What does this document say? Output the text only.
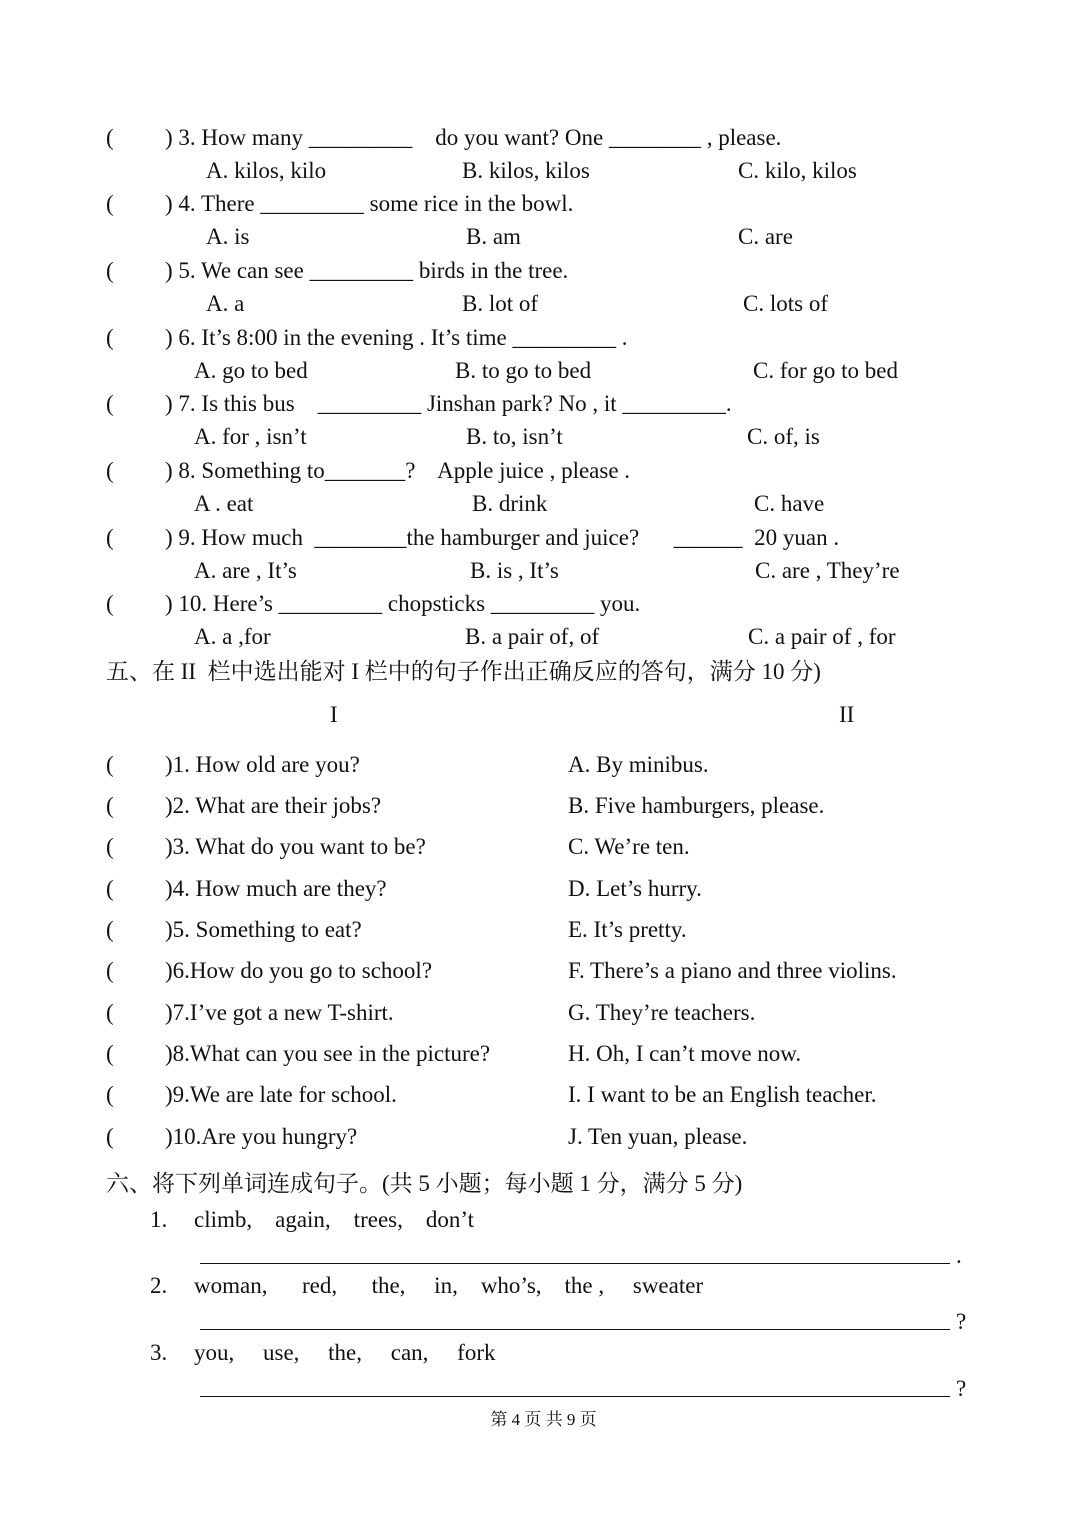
( ) 3. How many _________    do you want? One ________ , please.
A. kilos, kilo	B. kilos, kilos	C. kilo, kilos
( ) 4. There _________ some rice in the bowl.
A. is	B. am	C. are
( ) 5. We can see _________ birds in the tree.
A. a	B. lot of	C. lots of
( ) 6. It’s 8:00 in the evening . It’s time _________ .
A. go to bed	B. to go to bed	C. for go to bed
( ) 7. Is this bus    _________ Jinshan park? No , it _________.
A. for , isn’t	B. to, isn’t	C. of, is
( ) 8. Something to_______?    Apple juice , please .
A . eat	B. drink	C. have
( ) 9. How much  ________the hamburger and juice?      ______  20 yuan .
A. are , It’s	B. is , It’s	C. are , They’re
( ) 10. Here’s _________ chopsticks _________ you.
A. a ,for	B. a pair of, of	C. a pair of , for
五、在 II  栏中选出能对 I 栏中的句子作出正确反应的答句，满分 10 分)
I	II
( )1. How old are you?	A. By minibus.
( )2. What are their jobs?	B. Five hamburgers, please.
( )3. What do you want to be?	C. We’re ten.
( )4. How much are they?	D. Let’s hurry.
( )5. Something to eat?	E. It’s pretty.
( )6.How do you go to school?	F. There’s a piano and three violins.
( )7.I’ve got a new T-shirt.	G. They’re teachers.
( )8.What can you see in the picture?	H. Oh, I can’t move now.
( )9.We are late for school.	I. I want to be an English teacher.
( )10.Are you hungry?	J. Ten yuan, please.
六、将下列单词连成句子。(共 5 小题；每小题 1 分，满分 5 分)
1. climb,    again,    trees,    don’t
.
2. woman,      red,      the,     in,    who’s,    the ,     sweater
?
3. you,     use,     the,     can,     fork
?
第 4 页 共 9 页
